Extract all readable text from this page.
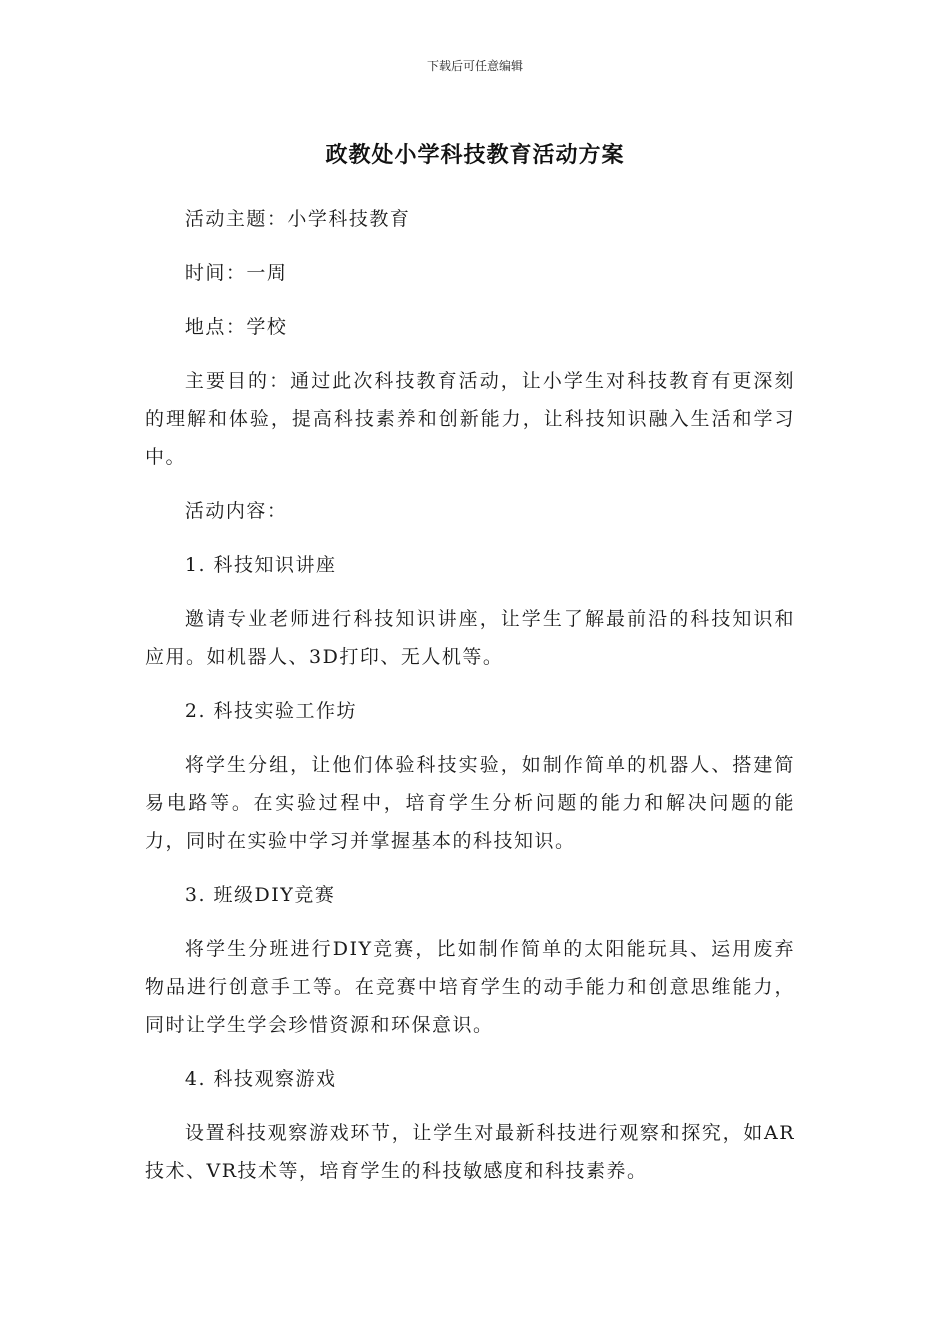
下载后可任意编辑
政教处小学科技教育活动方案

活动主题：小学科技教育

时间：一周

地点：学校

主要目的：通过此次科技教育活动，让小学生对科技教育有更深刻的理解和体验，提高科技素养和创新能力，让科技知识融入生活和学习中。

活动内容：

1. 科技知识讲座

邀请专业老师进行科技知识讲座，让学生了解最前沿的科技知识和应用。如机器人、3D打印、无人机等。

2. 科技实验工作坊

将学生分组，让他们体验科技实验，如制作简单的机器人、搭建简易电路等。在实验过程中，培育学生分析问题的能力和解决问题的能力，同时在实验中学习并掌握基本的科技知识。

3. 班级DIY竞赛

将学生分班进行DIY竞赛，比如制作简单的太阳能玩具、运用废弃物品进行创意手工等。在竞赛中培育学生的动手能力和创意思维能力，同时让学生学会珍惜资源和环保意识。

4. 科技观察游戏

设置科技观察游戏环节，让学生对最新科技进行观察和探究，如AR技术、VR技术等，培育学生的科技敏感度和科技素养。
